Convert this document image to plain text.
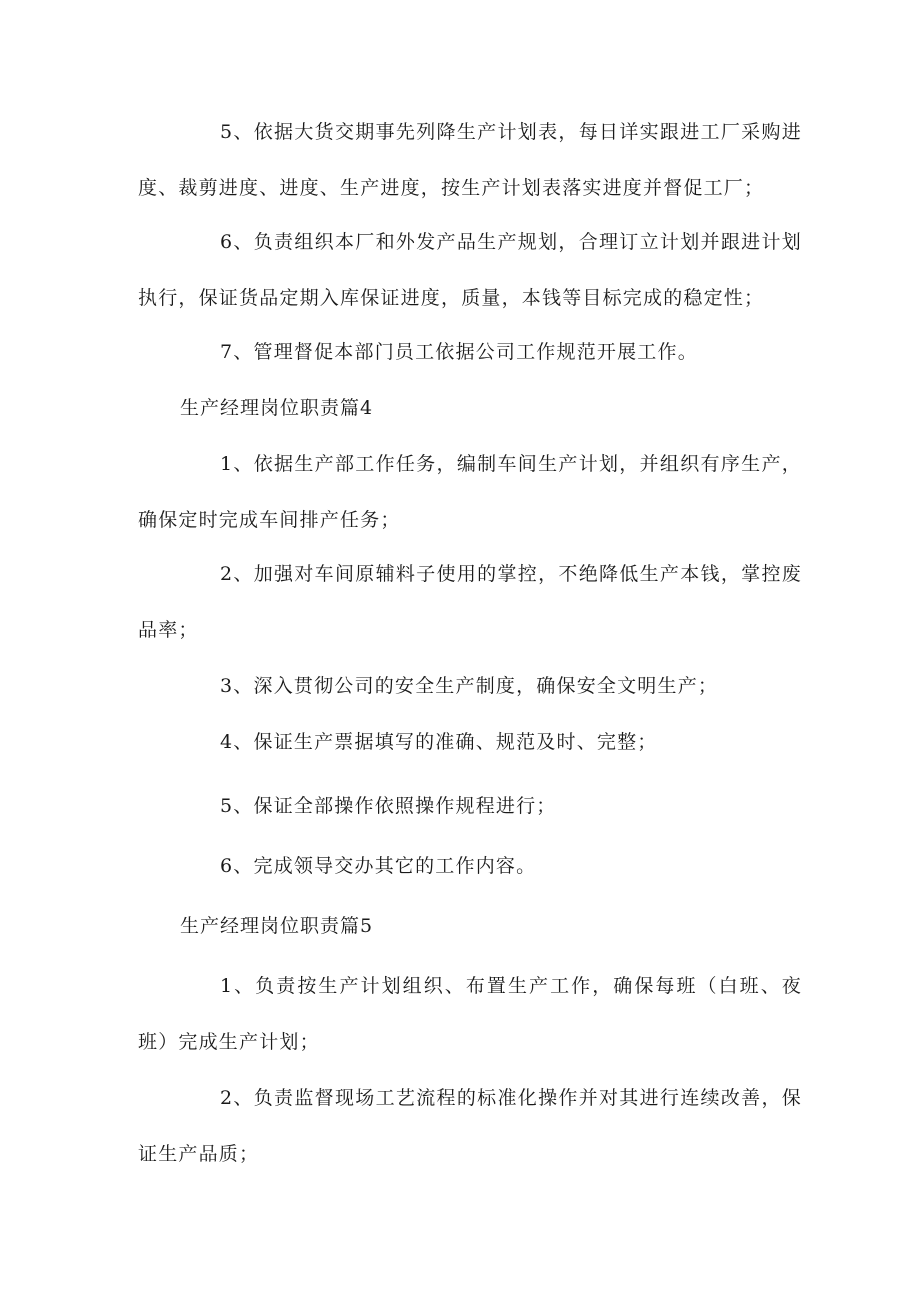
5、依据大货交期事先列降生产计划表，每日详实跟进工厂采购进度、裁剪进度、进度、生产进度，按生产计划表落实进度并督促工厂；

6、负责组织本厂和外发产品生产规划，合理订立计划并跟进计划执行，保证货品定期入库保证进度，质量，本钱等目标完成的稳定性；

7、管理督促本部门员工依据公司工作规范开展工作。

生产经理岗位职责篇4

1、依据生产部工作任务，编制车间生产计划，并组织有序生产，确保定时完成车间排产任务；

2、加强对车间原辅料子使用的掌控，不绝降低生产本钱，掌控废品率；

3、深入贯彻公司的安全生产制度，确保安全文明生产；

4、保证生产票据填写的准确、规范及时、完整；

5、保证全部操作依照操作规程进行；

6、完成领导交办其它的工作内容。

生产经理岗位职责篇5

1、负责按生产计划组织、布置生产工作，确保每班（白班、夜班）完成生产计划；

2、负责监督现场工艺流程的标准化操作并对其进行连续改善，保证生产品质；
